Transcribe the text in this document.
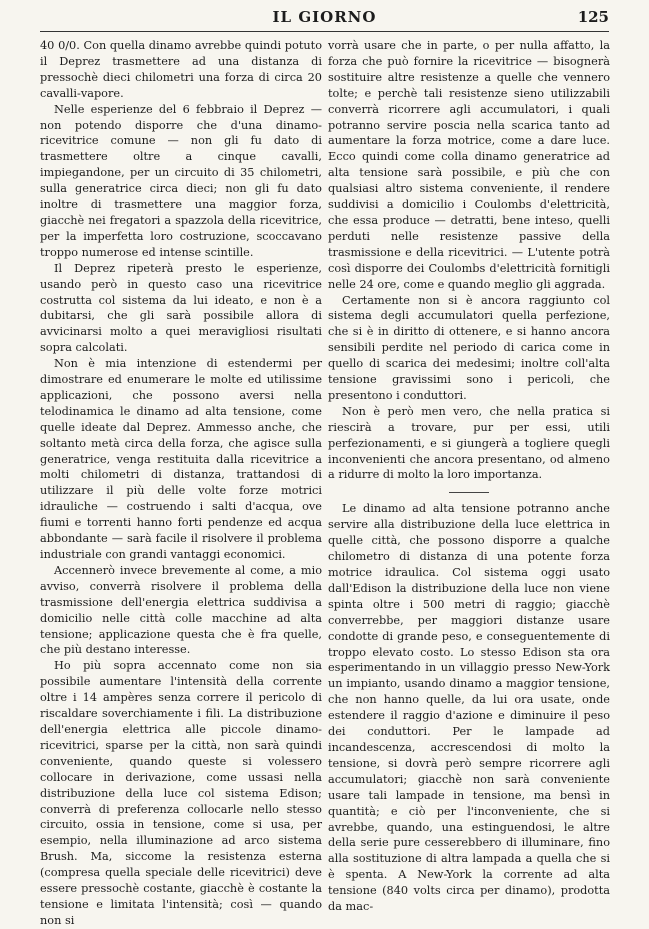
IL GIORNO	125

40 0/0. Con quella dinamo avrebbe quindi potuto il Deprez trasmettere ad una distanza di pressochè dieci chilometri una forza di circa 20 cavalli-vapore.

Nelle esperienze del 6 febbraio il Deprez — non potendo disporre che d'una dinamo-ricevitrice comune — non gli fu dato di trasmettere oltre a cinque cavalli, impiegandone, per un circuito di 35 chilometri, sulla generatrice circa dieci; non gli fu dato inoltre di trasmettere una maggior forza, giacchè nei fregatori a spazzola della ricevitrice, per la imperfetta loro costruzione, scoccavano troppo numerose ed intense scintille.

Il Deprez ripeterà presto le esperienze, usando però in questo caso una ricevitrice costrutta col sistema da lui ideato, e non è a dubitarsi, che gli sarà possibile allora di avvicinarsi molto a quei meravigliosi risultati sopra calcolati.

Non è mia intenzione di estendermi per dimostrare ed enumerare le molte ed utilissime applicazioni, che possono aversi nella telodinamica le dinamo ad alta tensione, come quelle ideate dal Deprez. Ammesso anche, che soltanto metà circa della forza, che agisce sulla generatrice, venga restituita dalla ricevitrice a molti chilometri di distanza, trattandosi di utilizzare il più delle volte forze motrici idrauliche — costruendo i salti d'acqua, ove fiumi e torrenti hanno forti pendenze ed acqua abbondante — sarà facile il risolvere il problema industriale con grandi vantaggi economici.

Accennerò invece brevemente al come, a mio avviso, converrà risolvere il problema della trasmissione dell'energia elettrica suddivisa a domicilio nelle città colle macchine ad alta tensione; applicazione questa che è fra quelle, che più destano interesse.

Ho più sopra accennato come non sia possibile aumentare l'intensità della corrente oltre i 14 ampères senza correre il pericolo di riscaldare soverchiamente i fili. La distribuzione dell'energia elettrica alle piccole dinamo-ricevitrici, sparse per la città, non sarà quindi conveniente, quando queste si volessero collocare in derivazione, come ussasi nella distribuzione della luce col sistema Edison; converrà di preferenza collocarle nello stesso circuito, ossia in tensione, come si usa, per esempio, nella illuminazione ad arco sistema Brush. Ma, siccome la resistenza esterna (compresa quella speciale delle ricevitrici) deve essere pressochè costante, giacchè è costante la tensione e limitata l'intensità; così — quando non si

vorrà usare che in parte, o per nulla affatto, la forza che può fornire la ricevitrice — bisognerà sostituire altre resistenze a quelle che vennero tolte; e perchè tali resistenze sieno utilizzabili converrà ricorrere agli accumulatori, i quali potranno servire poscia nella scarica tanto ad aumentare la forza motrice, come a dare luce. Ecco quindi come colla dinamo generatrice ad alta tensione sarà possibile, e più che con qualsiasi altro sistema conveniente, il rendere suddivisi a domicilio i Coulombs d'elettricità, che essa produce — detratti, bene inteso, quelli perduti nelle resistenze passive della trasmissione e della ricevitrici. — L'utente potrà così disporre dei Coulombs d'elettricità fornitigli nelle 24 ore, come e quando meglio gli aggrada.

Certamente non si è ancora raggiunto col sistema degli accumulatori quella perfezione, che si è in diritto di ottenere, e si hanno ancora sensibili perdite nel periodo di carica come in quello di scarica dei medesimi; inoltre coll'alta tensione gravissimi sono i pericoli, che presentono i conduttori.

Non è però men vero, che nella pratica si riescirà a trovare, pur per essi, utili perfezionamenti, e si giungerà a togliere quegli inconvenienti che ancora presentano, od almeno a ridurre di molto la loro importanza.

Le dinamo ad alta tensione potranno anche servire alla distribuzione della luce elettrica in quelle città, che possono disporre a qualche chilometro di distanza di una potente forza motrice idraulica. Col sistema oggi usato dall'Edison la distribuzione della luce non viene spinta oltre i 500 metri di raggio; giacchè converrebbe, per maggiori distanze usare condotte di grande peso, e conseguentemente di troppo elevato costo. Lo stesso Edison sta ora esperimentando in un villaggio presso New-York un impianto, usando dinamo a maggior tensione, che non hanno quelle, da lui ora usate, onde estendere il raggio d'azione e diminuire il peso dei conduttori. Per le lampade ad incandescenza, accrescendosi di molto la tensione, si dovrà però sempre ricorrere agli accumulatori; giacchè non sarà conveniente usare tali lampade in tensione, ma bensì in quantità; e ciò per l'inconveniente, che si avrebbe, quando, una estinguendosi, le altre della serie pure cesserebbero di illuminare, fino alla sostituzione di altra lampada a quella che si è spenta. A New-York la corrente ad alta tensione (840 volts circa per dinamo), prodotta da mac-
